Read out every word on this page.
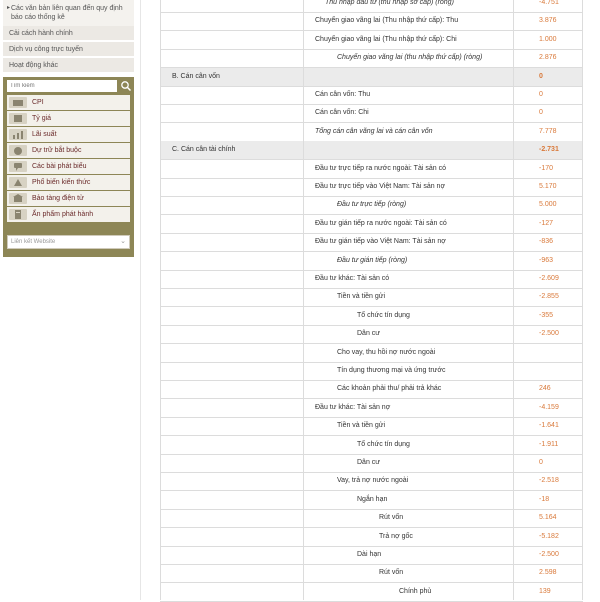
▸ Các văn bản liên quan đến quy định báo cáo thống kê
Cải cách hành chính
Dịch vụ công trực tuyến
Hoạt động khác
Tìm kiếm
CPI
Tỷ giá
Lãi suất
Dự trữ bắt buộc
Các bài phát biểu
Phổ biến kiến thức
Bảo tàng điện tử
Ấn phẩm phát hành
Liên kết Website	⌄
Thu nhập đầu tư (thu nhập sơ cấp) (ròng)	-4.751
Chuyển giao vãng lai (Thu nhập thứ cấp): Thu	3.876
Chuyển giao vãng lai (Thu nhập thứ cấp): Chi	1.000
Chuyển giao vãng lai (thu nhập thứ cấp) (ròng)	2.876
B. Cán cân vốn	0
Cán cân vốn: Thu	0
Cán cân vốn: Chi	0
Tổng cán cân vãng lai và cán cân vốn	7.778
C. Cán cân tài chính	-2.731
Đầu tư trực tiếp ra nước ngoài: Tài sản có	-170
Đầu tư trực tiếp vào Việt Nam: Tài sản nợ	5.170
Đầu tư trực tiếp (ròng)	5.000
Đầu tư gián tiếp ra nước ngoài: Tài sản có	-127
Đầu tư gián tiếp vào Việt Nam: Tài sản nợ	-836
Đầu tư gián tiếp (ròng)	-963
Đầu tư khác: Tài sản có	-2.609
Tiền và tiền gửi	-2.855
Tổ chức tín dụng	-355
Dân cư	-2.500
Cho vay, thu hồi nợ nước ngoài
Tín dụng thương mại và ứng trước
Các khoản phải thu/ phải trả khác	246
Đầu tư khác: Tài sản nợ	-4.159
Tiền và tiền gửi	-1.641
Tổ chức tín dụng	-1.911
Dân cư	0
Vay, trả nợ nước ngoài	-2.518
Ngắn hạn	-18
Rút vốn	5.164
Trả nợ gốc	-5.182
Dài hạn	-2.500
Rút vốn	2.598
Chính phủ	139
